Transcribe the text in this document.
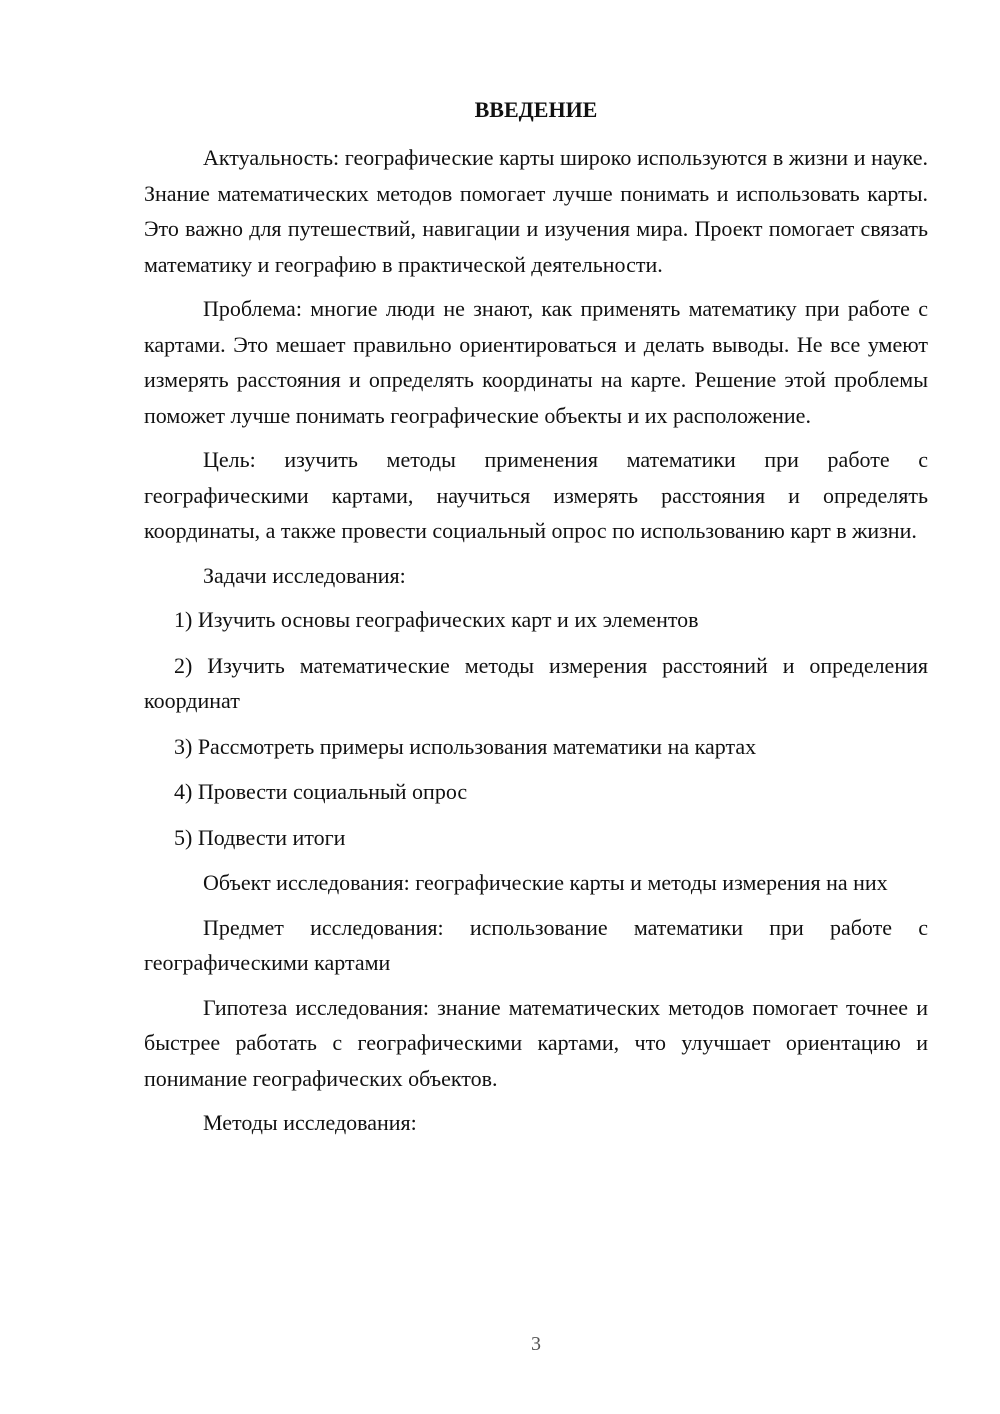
ВВЕДЕНИЕ

Актуальность: географические карты широко используются в жизни и науке. Знание математических методов помогает лучше понимать и использовать карты. Это важно для путешествий, навигации и изучения мира. Проект помогает связать математику и географию в практической деятельности.

Проблема: многие люди не знают, как применять математику при работе с картами. Это мешает правильно ориентироваться и делать выводы. Не все умеют измерять расстояния и определять координаты на карте. Решение этой проблемы поможет лучше понимать географические объекты и их расположение.

Цель: изучить методы применения математики при работе с географическими картами, научиться измерять расстояния и определять координаты, а также провести социальный опрос по использованию карт в жизни.

Задачи исследования:

1) Изучить основы географических карт и их элементов

2) Изучить математические методы измерения расстояний и определения координат

3) Рассмотреть примеры использования математики на картах

4) Провести социальный опрос

5) Подвести итоги

Объект исследования: географические карты и методы измерения на них

Предмет исследования: использование математики при работе с географическими картами

Гипотеза исследования: знание математических методов помогает точнее и быстрее работать с географическими картами, что улучшает ориентацию и понимание географических объектов.

Методы исследования:

3
